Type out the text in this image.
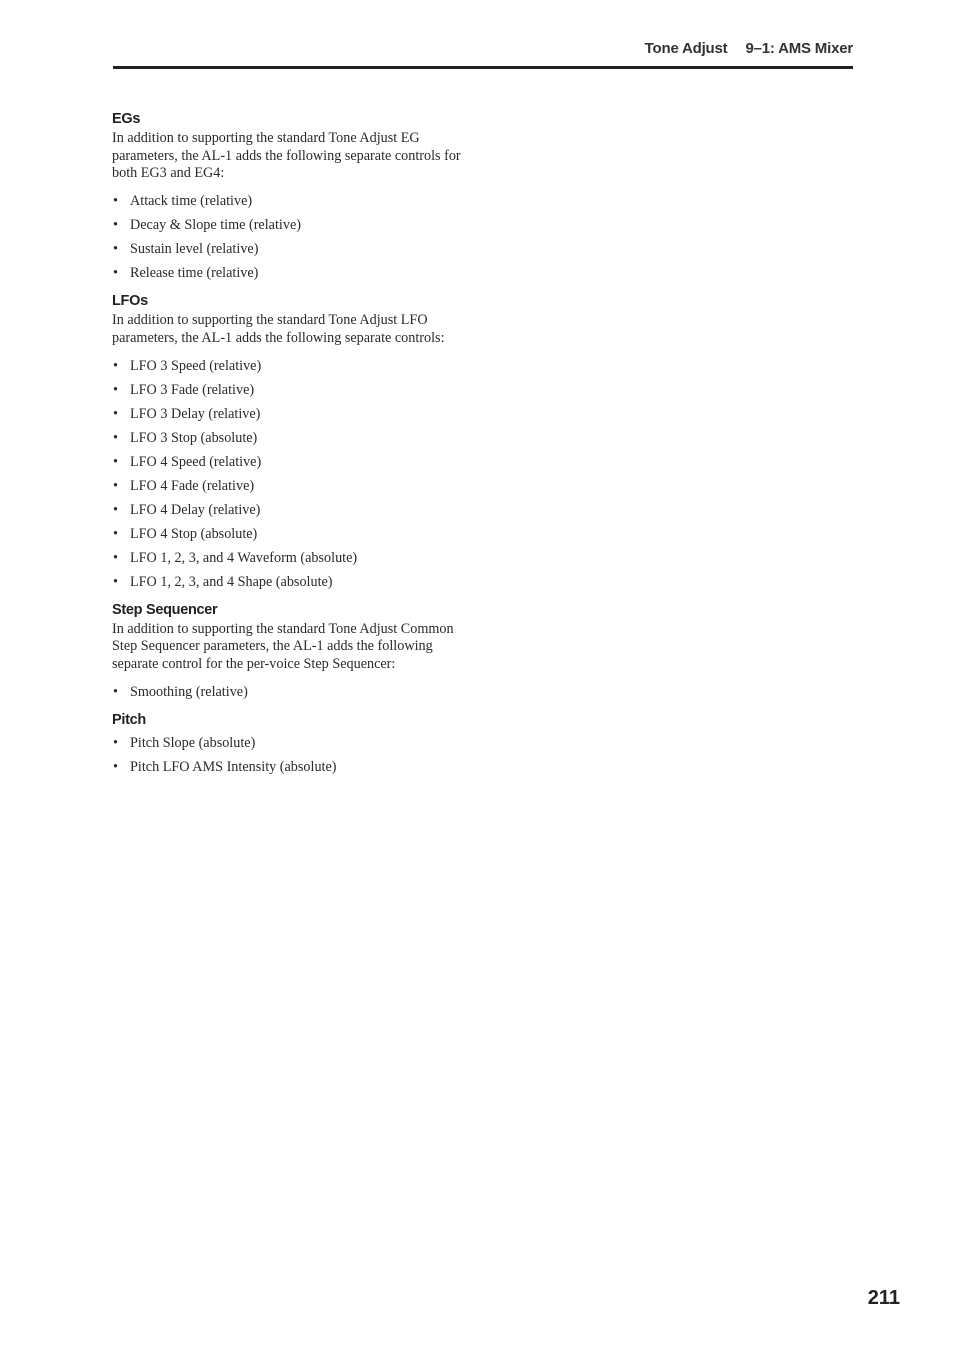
Tone Adjust 9–1: AMS Mixer
EGs

In addition to supporting the standard Tone Adjust EG parameters, the AL-1 adds the following separate controls for both EG3 and EG4:

• Attack time (relative)
• Decay & Slope time (relative)
• Sustain level (relative)
• Release time (relative)
LFOs

In addition to supporting the standard Tone Adjust LFO parameters, the AL-1 adds the following separate controls:

• LFO 3 Speed (relative)
• LFO 3 Fade (relative)
• LFO 3 Delay (relative)
• LFO 3 Stop (absolute)
• LFO 4 Speed (relative)
• LFO 4 Fade (relative)
• LFO 4 Delay (relative)
• LFO 4 Stop (absolute)
• LFO 1, 2, 3, and 4 Waveform (absolute)
• LFO 1, 2, 3, and 4 Shape (absolute)
Step Sequencer

In addition to supporting the standard Tone Adjust Common Step Sequencer parameters, the AL-1 adds the following separate control for the per-voice Step Sequencer:

• Smoothing (relative)
Pitch
• Pitch Slope (absolute)
• Pitch LFO AMS Intensity (absolute)
211
